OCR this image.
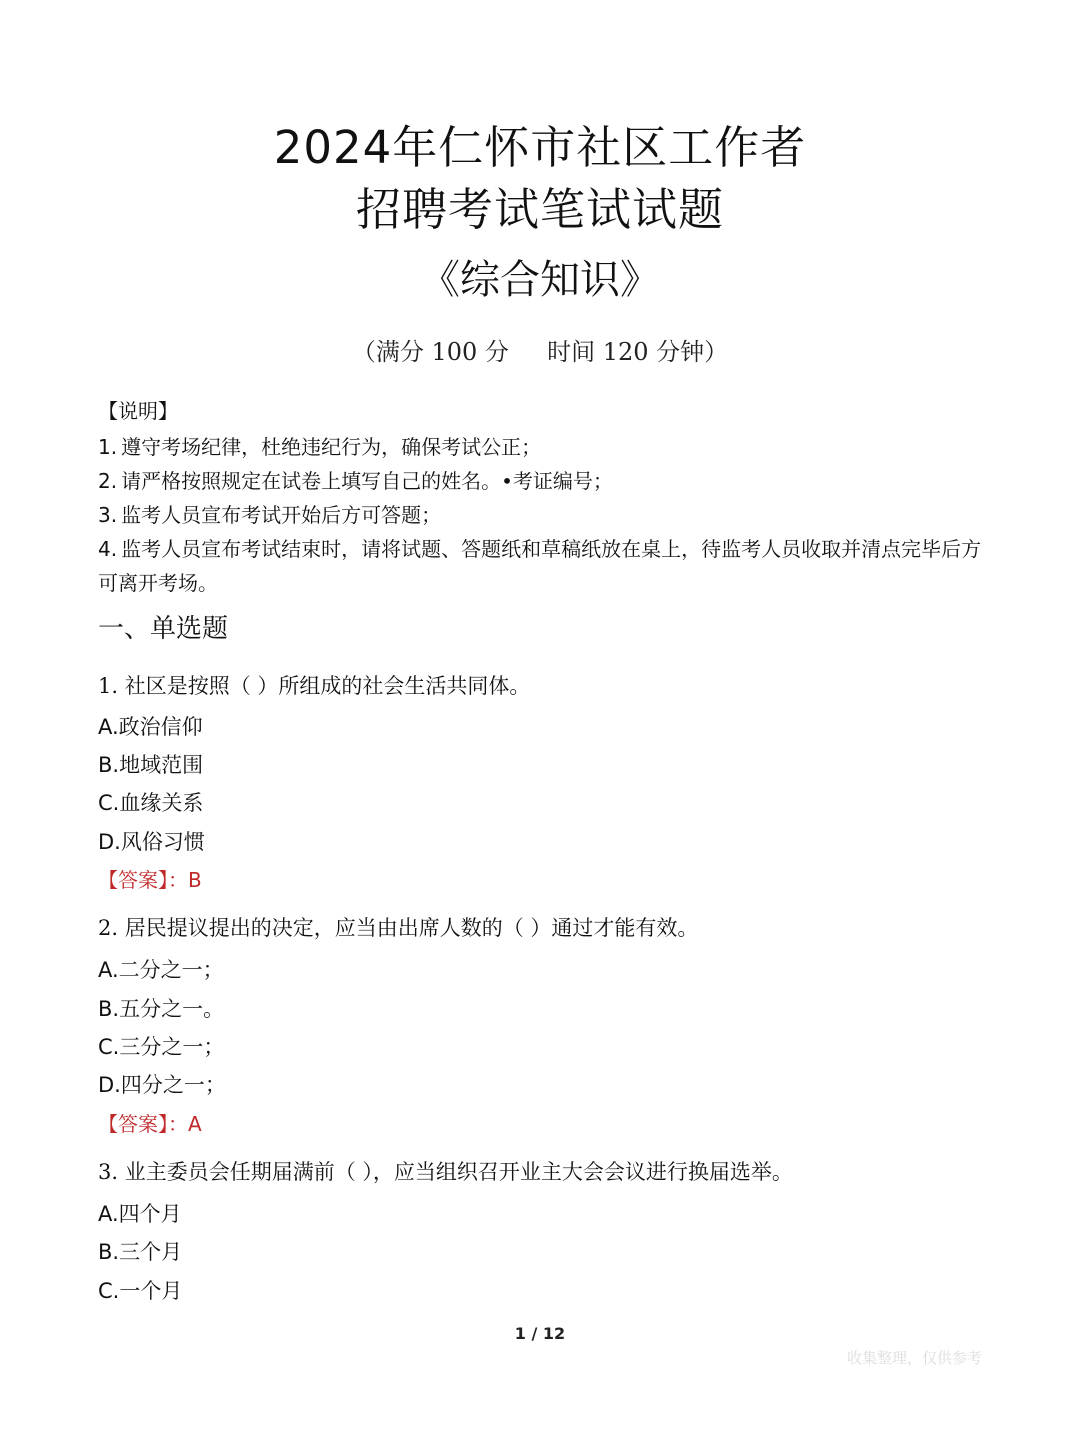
2024年仁怀市社区工作者
招聘考试笔试试题
《综合知识》
（满分 100 分     时间 120 分钟）
【说明】
1. 遵守考场纪律，杜绝违纪行为，确保考试公正；
2. 请严格按照规定在试卷上填写自己的姓名。•考证编号；
3. 监考人员宣布考试开始后方可答题；
4. 监考人员宣布考试结束时，请将试题、答题纸和草稿纸放在桌上，待监考人员收取并清点完毕后方可离开考场。
一、单选题
1. 社区是按照（ ）所组成的社会生活共同体。
A.政治信仰
B.地域范围
C.血缘关系
D.风俗习惯
【答案】：B
2. 居民提议提出的决定，应当由出席人数的（ ）通过才能有效。
A.二分之一；
B.五分之一。
C.三分之一；
D.四分之一；
【答案】：A
3. 业主委员会任期届满前（ ），应当组织召开业主大会会议进行换届选举。
A.四个月
B.三个月
C.一个月
1 / 12
收集整理，仅供参考
